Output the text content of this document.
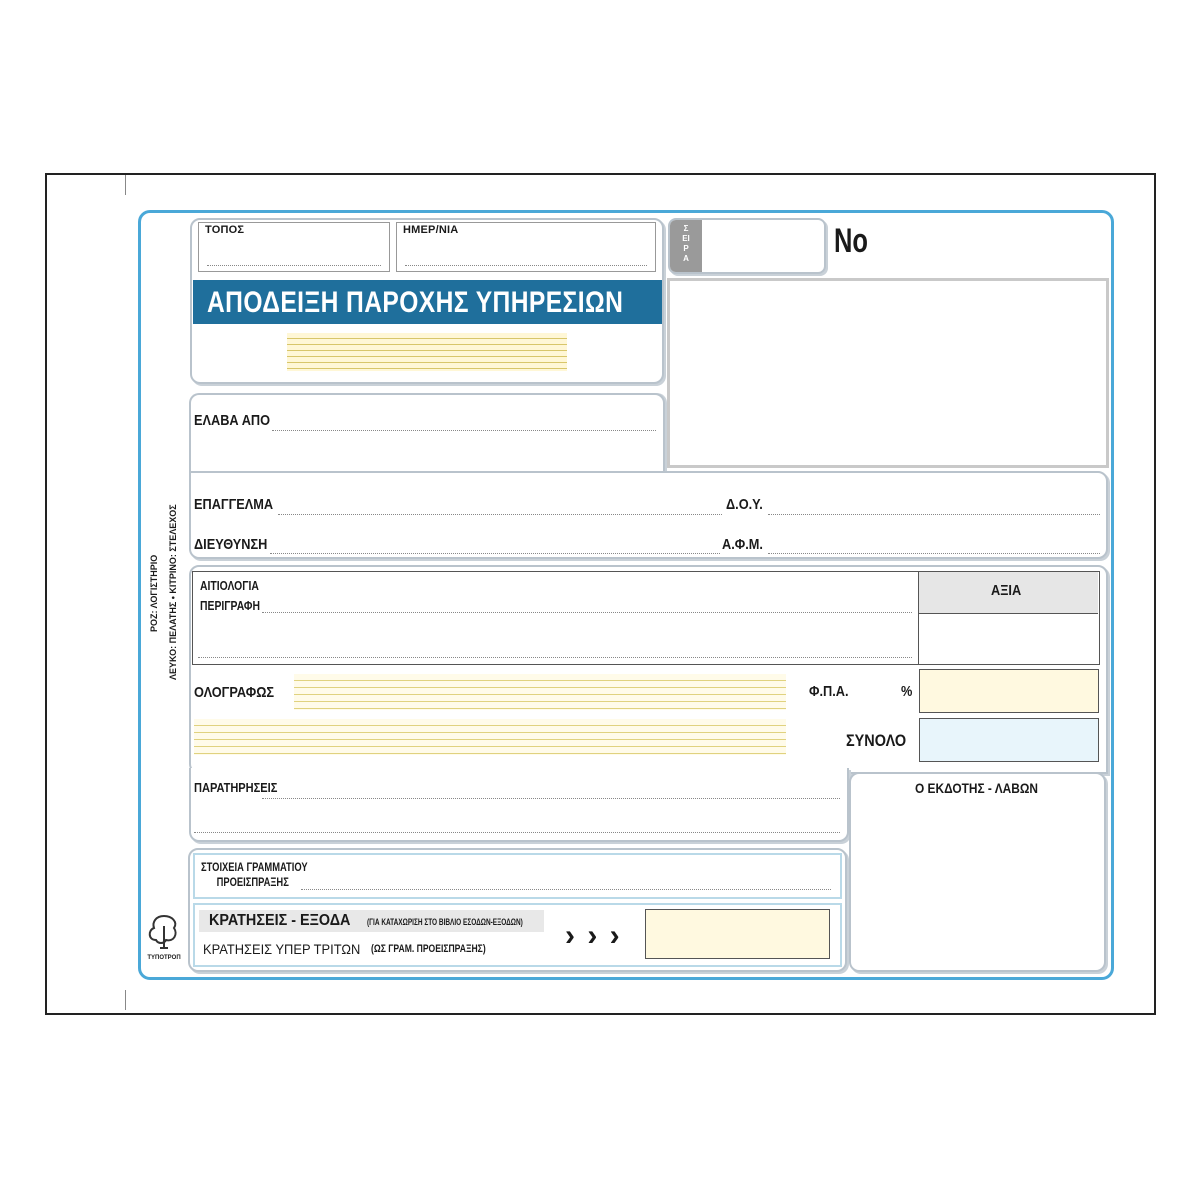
ΡΟΖ: ΛΟΓΙΣΤΗΡΙΟ ΛΕΥΚΟ: ΠΕΛΑΤΗΣ • ΚΙΤΡΙΝΟ: ΣΤΕΛΕΧΟΣ
ΤΥΠΟΤΡΟΠ
ΤΟΠΟΣ	ΗΜΕΡ/ΝΙΑ
ΑΠΟΔΕΙΞΗ ΠΑΡΟΧΗΣ ΥΠΗΡΕΣΙΩΝ
ΣΕΙΡΑ	No
ΕΛΑΒΑ ΑΠΟ
ΕΠΑΓΓΕΛΜΑ	Δ.Ο.Υ.
ΔΙΕΥΘΥΝΣΗ	Α.Φ.Μ.
ΑΞΙΑ
ΑΙΤΙΟΛΟΓΙΑ
ΠΕΡΙΓΡΑΦΗ
ΟΛΟΓΡΑΦΩΣ	Φ.Π.Α.	%
ΣΥΝΟΛΟ
ΠΑΡΑΤΗΡΗΣΕΙΣ	Ο ΕΚΔΟΤΗΣ - ΛΑΒΩΝ
ΣΤΟΙΧΕΙΑ ΓΡΑΜΜΑΤΙΟΥ
ΠΡΟΕΙΣΠΡΑΞΗΣ
ΚΡΑΤΗΣΕΙΣ - ΕΞΟΔΑ (ΓΙΑ ΚΑΤΑΧΩΡΙΣΗ ΣΤΟ ΒΙΒΛΙΟ ΕΣΟΔΩΝ-ΕΞΟΔΩΝ)
ΚΡΑΤΗΣΕΙΣ ΥΠΕΡ ΤΡΙΤΩΝ (ΩΣ ΓΡΑΜ. ΠΡΟΕΙΣΠΡΑΞΗΣ)	› › ›
